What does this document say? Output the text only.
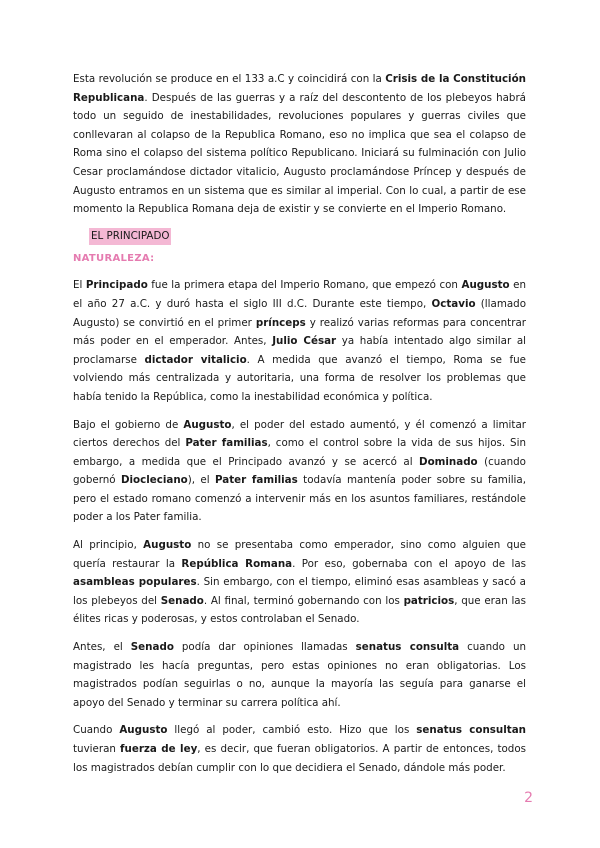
Esta revolución se produce en el 133 a.C y coincidirá con la Crisis de la Constitución Republicana. Después de las guerras y a raíz del descontento de los plebeyos habrá todo un seguido de inestabilidades, revoluciones populares y guerras civiles que conllevaran al colapso de la Republica Romano, eso no implica que sea el colapso de Roma sino el colapso del sistema político Republicano. Iniciará su fulminación con Julio Cesar proclamándose dictador vitalicio, Augusto proclamándose Príncep y después de Augusto entramos en un sistema que es similar al imperial. Con lo cual, a partir de ese momento la Republica Romana deja de existir y se convierte en el Imperio Romano.

EL PRINCIPADO
NATURALEZA:

El Principado fue la primera etapa del Imperio Romano, que empezó con Augusto en el año 27 a.C. y duró hasta el siglo III d.C. Durante este tiempo, Octavio (llamado Augusto) se convirtió en el primer prínceps y realizó varias reformas para concentrar más poder en el emperador. Antes, Julio César ya había intentado algo similar al proclamarse dictador vitalicio. A medida que avanzó el tiempo, Roma se fue volviendo más centralizada y autoritaria, una forma de resolver los problemas que había tenido la República, como la inestabilidad económica y política.

Bajo el gobierno de Augusto, el poder del estado aumentó, y él comenzó a limitar ciertos derechos del Pater familias, como el control sobre la vida de sus hijos. Sin embargo, a medida que el Principado avanzó y se acercó al Dominado (cuando gobernó Diocleciano), el Pater familias todavía mantenía poder sobre su familia, pero el estado romano comenzó a intervenir más en los asuntos familiares, restándole poder a los Pater familia.

Al principio, Augusto no se presentaba como emperador, sino como alguien que quería restaurar la República Romana. Por eso, gobernaba con el apoyo de las asambleas populares. Sin embargo, con el tiempo, eliminó esas asambleas y sacó a los plebeyos del Senado. Al final, terminó gobernando con los patricios, que eran las élites ricas y poderosas, y estos controlaban el Senado.

Antes, el Senado podía dar opiniones llamadas senatus consulta cuando un magistrado les hacía preguntas, pero estas opiniones no eran obligatorias. Los magistrados podían seguirlas o no, aunque la mayoría las seguía para ganarse el apoyo del Senado y terminar su carrera política ahí.

Cuando Augusto llegó al poder, cambió esto. Hizo que los senatus consultan tuvieran fuerza de ley, es decir, que fueran obligatorios. A partir de entonces, todos los magistrados debían cumplir con lo que decidiera el Senado, dándole más poder.

2
